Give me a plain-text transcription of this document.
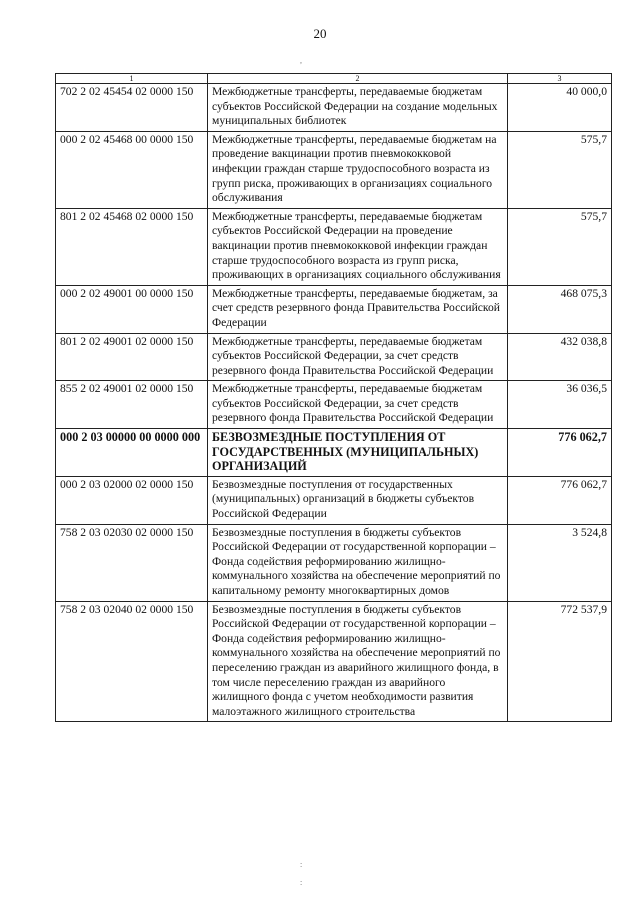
20
,
:
:
1	2	3
702 2 02 45454 02 0000 150	Межбюджетные трансферты, передаваемые бюджетам субъектов Российской Федерации на создание модельных муниципальных библиотек	40 000,0
000 2 02 45468 00 0000 150	Межбюджетные трансферты, передаваемые бюджетам на проведение вакцинации против пневмококковой инфекции граждан старше трудоспособного возраста из групп риска, проживающих в организациях социального обслуживания	575,7
801 2 02 45468 02 0000 150	Межбюджетные трансферты, передаваемые бюджетам субъектов Российской Федерации на проведение вакцинации против пневмококковой инфекции граждан старше трудоспособного возраста из групп риска, проживающих в организациях социального обслуживания	575,7
000 2 02 49001 00 0000 150	Межбюджетные трансферты, передаваемые бюджетам, за счет средств резервного фонда Правительства Российской Федерации	468 075,3
801 2 02 49001 02 0000 150	Межбюджетные трансферты, передаваемые бюджетам субъектов Российской Федерации, за счет средств резервного фонда Правительства Российской Федерации	432 038,8
855 2 02 49001 02 0000 150	Межбюджетные трансферты, передаваемые бюджетам субъектов Российской Федерации, за счет средств резервного фонда Правительства Российской Федерации	36 036,5
000 2 03 00000 00 0000 000	БЕЗВОЗМЕЗДНЫЕ ПОСТУПЛЕНИЯ ОТ ГОСУДАРСТВЕННЫХ (МУНИЦИПАЛЬНЫХ) ОРГАНИЗАЦИЙ	776 062,7
000 2 03 02000 02 0000 150	Безвозмездные поступления от государственных (муниципальных) организаций в бюджеты субъектов Российской Федерации	776 062,7
758 2 03 02030 02 0000 150	Безвозмездные поступления в бюджеты субъектов Российской Федерации от государственной корпорации – Фонда содействия реформированию жилищно-коммунального хозяйства на обеспечение мероприятий по капитальному ремонту многоквартирных домов	3 524,8
758 2 03 02040 02 0000 150	Безвозмездные поступления в бюджеты субъектов Российской Федерации от государственной корпорации – Фонда содействия реформированию жилищно-коммунального хозяйства на обеспечение мероприятий по переселению граждан из аварийного жилищного фонда, в том числе переселению граждан из аварийного жилищного фонда с учетом необходимости развития малоэтажного жилищного строительства	772 537,9
